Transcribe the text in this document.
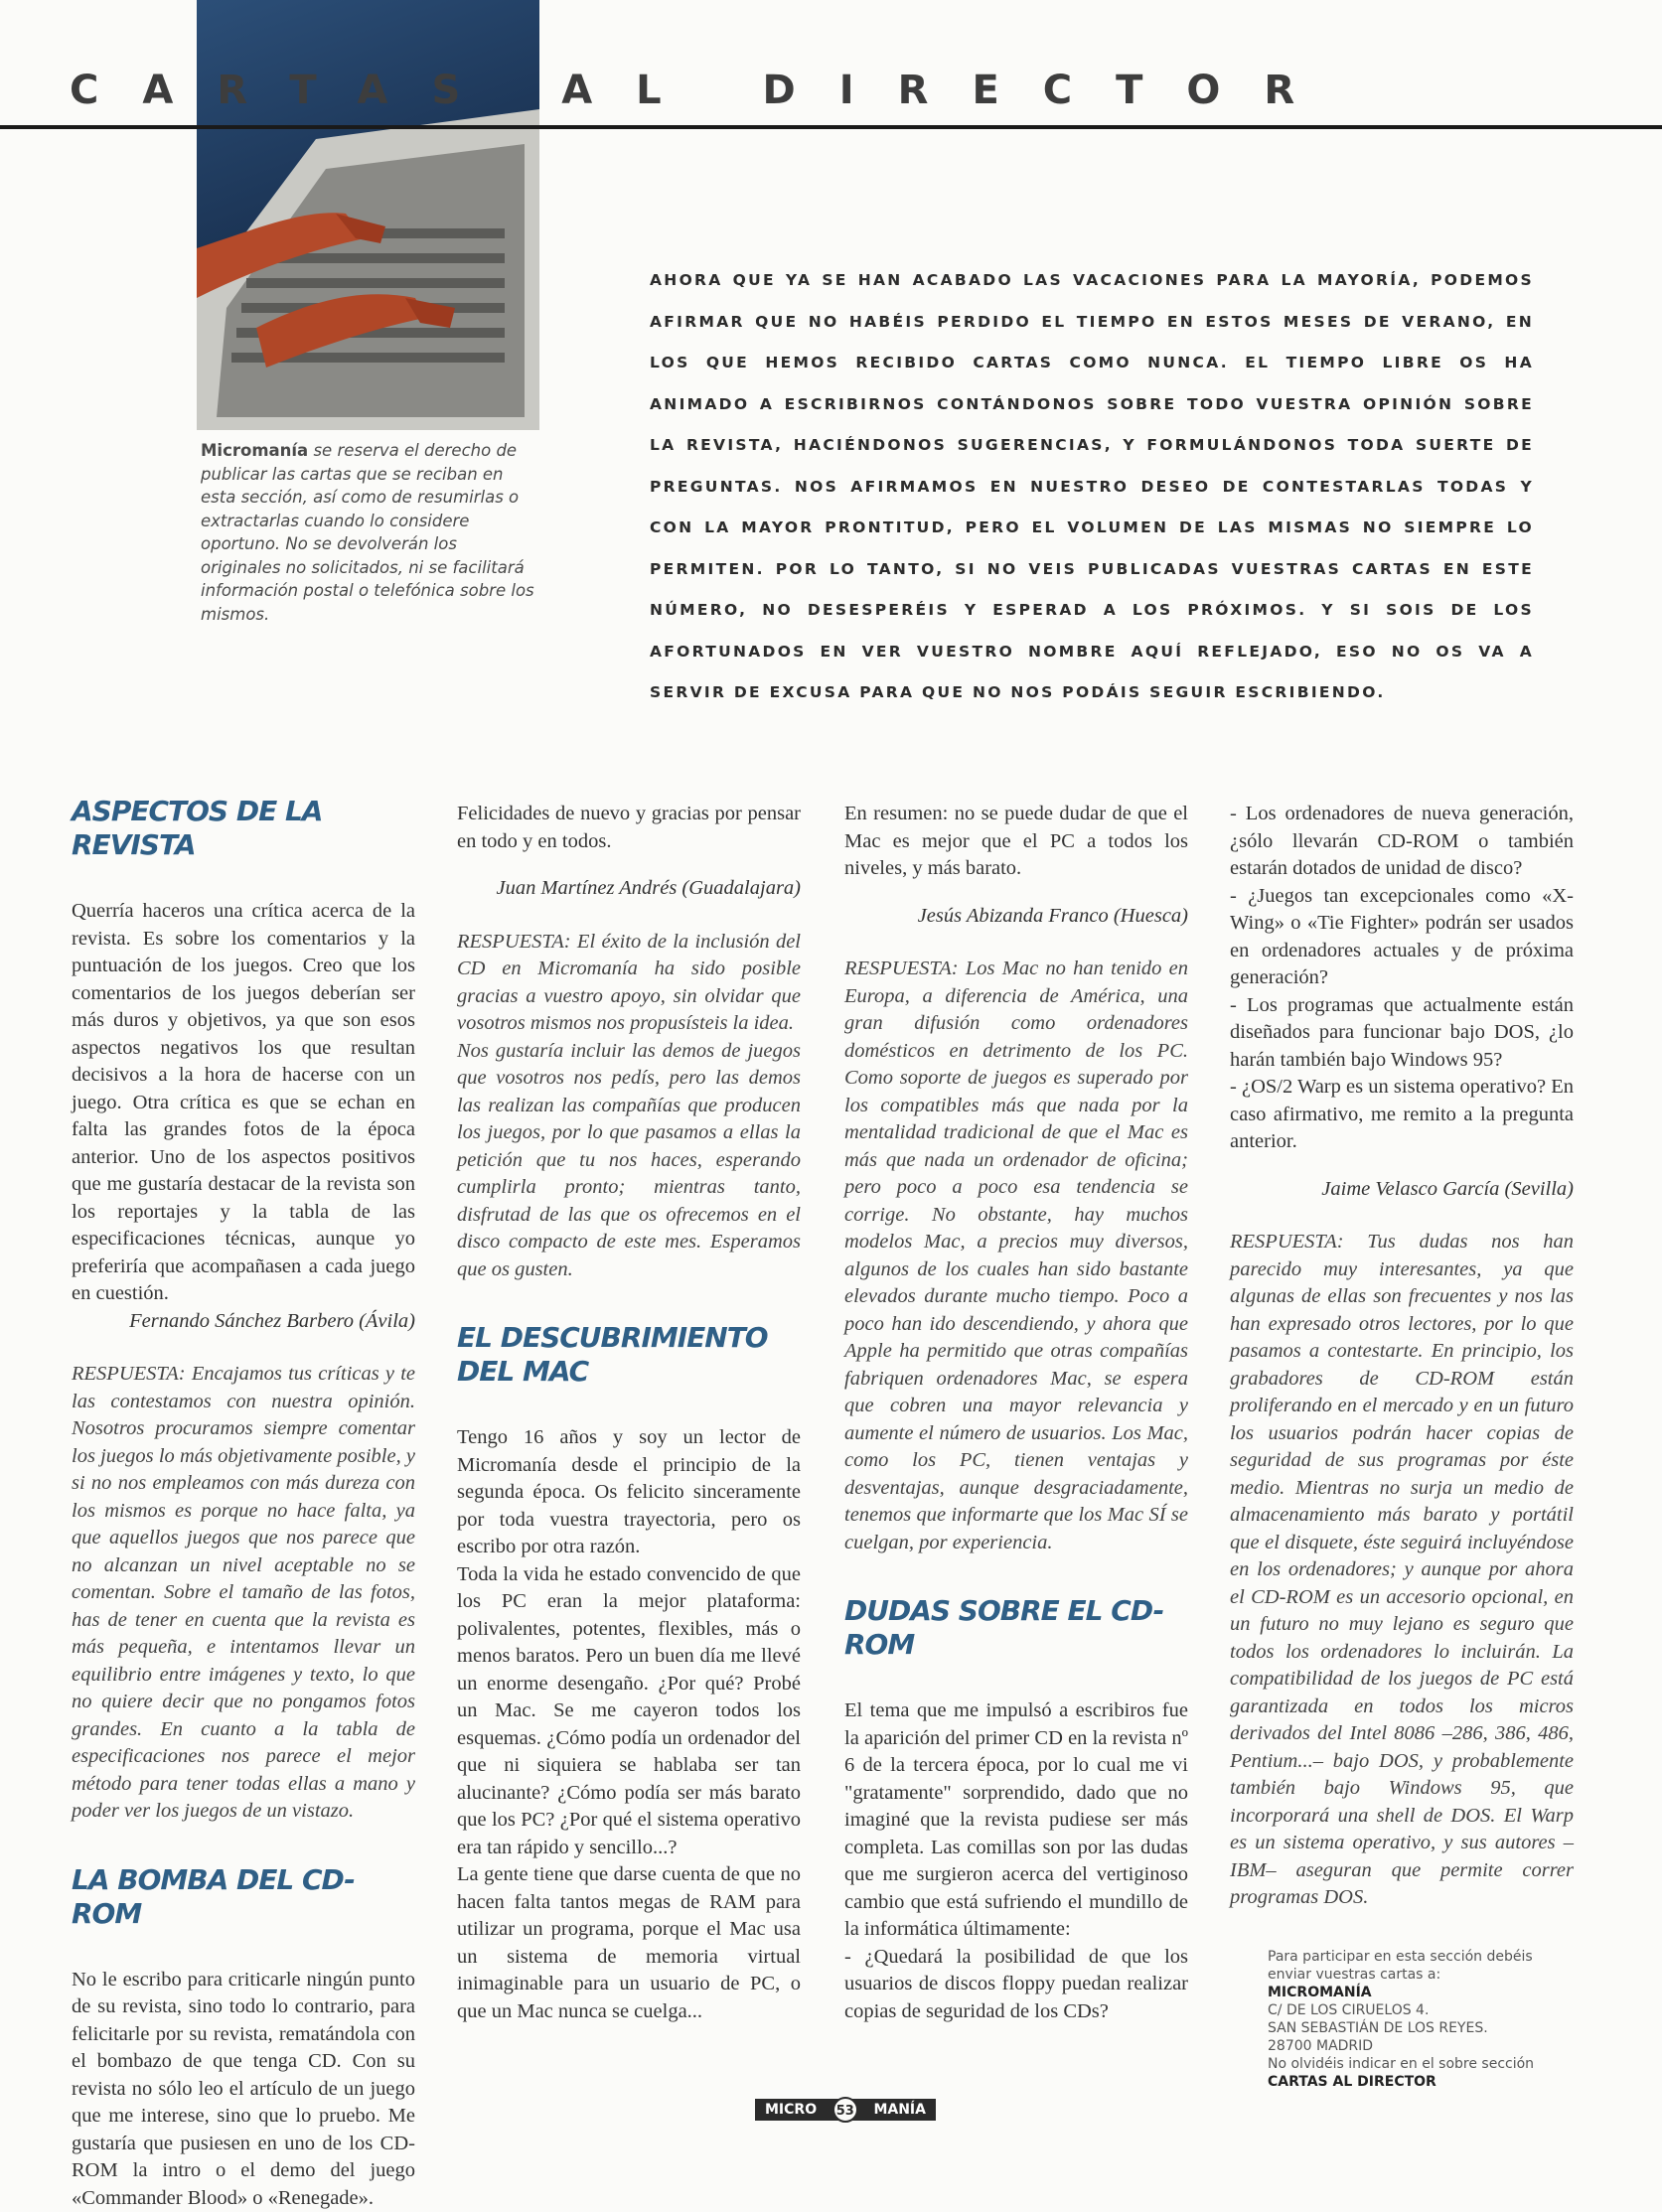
CARTAS AL DIRECTOR
Micromanía se reserva el derecho de publicar las cartas que se reciban en esta sección, así como de resumirlas o extractarlas cuando lo considere oportuno. No se devolverán los originales no solicitados, ni se facilitará información postal o telefónica sobre los mismos.
AHORA QUE YA SE HAN ACABADO LAS VACACIONES PARA LA MAYORÍA, PODEMOS AFIRMAR QUE NO HABÉIS PERDIDO EL TIEMPO EN ESTOS MESES DE VERANO, EN LOS QUE HEMOS RECIBIDO CARTAS COMO NUNCA. EL TIEMPO LIBRE OS HA ANIMADO A ESCRIBIRNOS CONTÁNDONOS SOBRE TODO VUESTRA OPINIÓN SOBRE LA REVISTA, HACIÉNDONOS SUGERENCIAS, Y FORMULÁNDONOS TODA SUERTE DE PREGUNTAS. NOS AFIRMAMOS EN NUESTRO DESEO DE CONTESTARLAS TODAS Y CON LA MAYOR PRONTITUD, PERO EL VOLUMEN DE LAS MISMAS NO SIEMPRE LO PERMITEN. POR LO TANTO, SI NO VEIS PUBLICADAS VUESTRAS CARTAS EN ESTE NÚMERO, NO DESESPERÉIS Y ESPERAD A LOS PRÓXIMOS. Y SI SOIS DE LOS AFORTUNADOS EN VER VUESTRO NOMBRE AQUÍ REFLEJADO, ESO NO OS VA A SERVIR DE EXCUSA PARA QUE NO NOS PODÁIS SEGUIR ESCRIBIENDO.
ASPECTOS DE LA REVISTA

Querría haceros una crítica acerca de la revista. Es sobre los comentarios y la puntuación de los juegos. Creo que los comentarios de los juegos deberían ser más duros y objetivos, ya que son esos aspectos negativos los que resultan decisivos a la hora de hacerse con un juego. Otra crítica es que se echan en falta las grandes fotos de la época anterior. Uno de los aspectos positivos que me gustaría destacar de la revista son los reportajes y la tabla de las especificaciones técnicas, aunque yo preferiría que acompañasen a cada juego en cuestión.

Fernando Sánchez Barbero (Ávila)

RESPUESTA: Encajamos tus críticas y te las contestamos con nuestra opinión. Nosotros procuramos siempre comentar los juegos lo más objetivamente posible, y si no nos empleamos con más dureza con los mismos es porque no hace falta, ya que aquellos juegos que nos parece que no alcanzan un nivel aceptable no se comentan. Sobre el tamaño de las fotos, has de tener en cuenta que la revista es más pequeña, e intentamos llevar un equilibrio entre imágenes y texto, lo que no quiere decir que no pongamos fotos grandes. En cuanto a la tabla de especificaciones nos parece el mejor método para tener todas ellas a mano y poder ver los juegos de un vistazo.

LA BOMBA DEL CD-ROM

No le escribo para criticarle ningún punto de su revista, sino todo lo contrario, para felicitarle por su revista, rematándola con el bombazo de que tenga CD. Con su revista no sólo leo el artículo de un juego que me interese, sino que lo pruebo. Me gustaría que pusiesen en uno de los CD-ROM la intro o el demo del juego «Commander Blood» o «Renegade».

Felicidades de nuevo y gracias por pensar en todo y en todos.

Juan Martínez Andrés (Guadalajara)

RESPUESTA: El éxito de la inclusión del CD en Micromanía ha sido posible gracias a vuestro apoyo, sin olvidar que vosotros mismos nos propusísteis la idea.

Nos gustaría incluir las demos de juegos que vosotros nos pedís, pero las demos las realizan las compañías que producen los juegos, por lo que pasamos a ellas la petición que tu nos haces, esperando cumplirla pronto; mientras tanto, disfrutad de las que os ofrecemos en el disco compacto de este mes. Esperamos que os gusten.

EL DESCUBRIMIENTO DEL MAC

Tengo 16 años y soy un lector de Micromanía desde el principio de la segunda época. Os felicito sinceramente por toda vuestra trayectoria, pero os escribo por otra razón.

Toda la vida he estado convencido de que los PC eran la mejor plataforma: polivalentes, potentes, flexibles, más o menos baratos. Pero un buen día me llevé un enorme desengaño. ¿Por qué? Probé un Mac. Se me cayeron todos los esquemas. ¿Cómo podía un ordenador del que ni siquiera se hablaba ser tan alucinante? ¿Cómo podía ser más barato que los PC? ¿Por qué el sistema operativo era tan rápido y sencillo...?

La gente tiene que darse cuenta de que no hacen falta tantos megas de RAM para utilizar un programa, porque el Mac usa un sistema de memoria virtual inimaginable para un usuario de PC, o que un Mac nunca se cuelga...

En resumen: no se puede dudar de que el Mac es mejor que el PC a todos los niveles, y más barato.

Jesús Abizanda Franco (Huesca)

RESPUESTA: Los Mac no han tenido en Europa, a diferencia de América, una gran difusión como ordenadores domésticos en detrimento de los PC. Como soporte de juegos es superado por los compatibles más que nada por la mentalidad tradicional de que el Mac es más que nada un ordenador de oficina; pero poco a poco esa tendencia se corrige. No obstante, hay muchos modelos Mac, a precios muy diversos, algunos de los cuales han sido bastante elevados durante mucho tiempo. Poco a poco han ido descendiendo, y ahora que Apple ha permitido que otras compañías fabriquen ordenadores Mac, se espera que cobren una mayor relevancia y aumente el número de usuarios. Los Mac, como los PC, tienen ventajas y desventajas, aunque desgraciadamente, tenemos que informarte que los Mac SÍ se cuelgan, por experiencia.

DUDAS SOBRE EL CD-ROM

El tema que me impulsó a escribiros fue la aparición del primer CD en la revista nº 6 de la tercera época, por lo cual me vi "gratamente" sorprendido, dado que no imaginé que la revista pudiese ser más completa. Las comillas son por las dudas que me surgieron acerca del vertiginoso cambio que está sufriendo el mundillo de la informática últimamente:

- ¿Quedará la posibilidad de que los usuarios de discos floppy puedan realizar copias de seguridad de los CDs?

- Los ordenadores de nueva generación, ¿sólo llevarán CD-ROM o también estarán dotados de unidad de disco?

- ¿Juegos tan excepcionales como «X-Wing» o «Tie Fighter» podrán ser usados en ordenadores actuales y de próxima generación?

- Los programas que actualmente están diseñados para funcionar bajo DOS, ¿lo harán también bajo Windows 95?

- ¿OS/2 Warp es un sistema operativo? En caso afirmativo, me remito a la pregunta anterior.

Jaime Velasco García (Sevilla)

RESPUESTA: Tus dudas nos han parecido muy interesantes, ya que algunas de ellas son frecuentes y nos las han expresado otros lectores, por lo que pasamos a contestarte. En principio, los grabadores de CD-ROM están proliferando en el mercado y en un futuro los usuarios podrán hacer copias de seguridad de sus programas por éste medio. Mientras no surja un medio de almacenamiento más barato y portátil que el disquete, éste seguirá incluyéndose en los ordenadores; y aunque por ahora el CD-ROM es un accesorio opcional, en un futuro no muy lejano es seguro que todos los ordenadores lo incluirán. La compatibilidad de los juegos de PC está garantizada en todos los micros derivados del Intel 8086 –286, 386, 486, Pentium...– bajo DOS, y probablemente también bajo Windows 95, que incorporará una shell de DOS. El Warp es un sistema operativo, y sus autores –IBM– aseguran que permite correr programas DOS.

Para participar en esta sección debéis enviar vuestras cartas a:
MICROMANÍA
C/ DE LOS CIRUELOS 4.
SAN SEBASTIÁN DE LOS REYES.
28700 MADRID
No olvidéis indicar en el sobre sección
CARTAS AL DIRECTOR
MICRO	53 MANÍA
